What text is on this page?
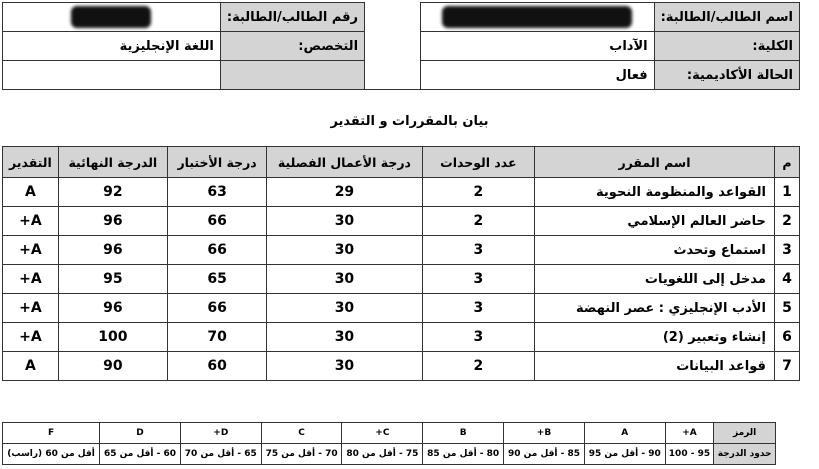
اسم الطالب/الطالبة:			رقم الطالب/الطالبة:	
الكلية:	الآداب		التخصص:	اللغة الإنجليزية
الحالة الأكاديمية:	فعال			
بيان بالمقررات و التقدير
م	اسم المقرر	عدد الوحدات	درجة الأعمال الفصلية	درجة الأختبار	الدرجة النهائية	التقدير
1	القواعد والمنظومة النحوية	2	29	63	92	A
2	حاضر العالم الإسلامي	2	30	66	96	A+
3	استماع وتحدث	3	30	66	96	A+
4	مدخل إلى اللغويات	3	30	65	95	A+
5	الأدب الإنجليزي : عصر النهضة	3	30	66	96	A+
6	إنشاء وتعبير (2)	3	30	70	100	A+
7	قواعد البيانات	2	30	60	90	A
الرمز	A+	A	B+	B	C+	C	D+	D	F
حدود الدرجة	95 - 100	90 - أقل من 95	85 - أقل من 90	80 - أقل من 85	75 - أقل من 80	70 - أقل من 75	65 - أقل من 70	60 - أقل من 65	أقل من 60 (راسب)
